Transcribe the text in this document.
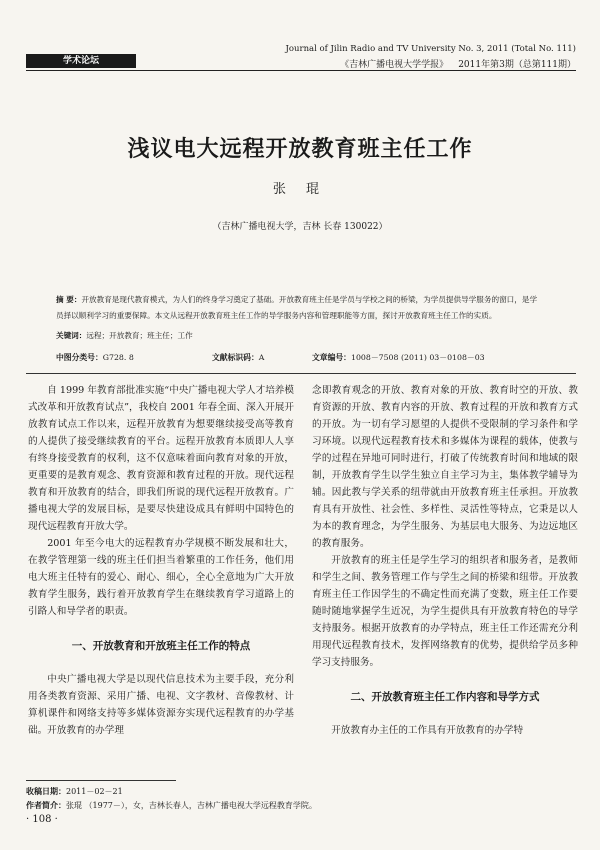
学术论坛
Journal of Jilin Radio and TV University No. 3, 2011 (Total No. 111)
《吉林广播电视大学学报》 2011年第3期（总第111期）
浅议电大远程开放教育班主任工作
张 琨
（吉林广播电视大学，吉林 长春 130022）
摘 要：开放教育是现代教育模式，为人们的终身学习奠定了基础。开放教育班主任是学员与学校之间的桥梁，为学员提供导学服务的窗口，是学员择以顺利学习的重要保障。本文从远程开放教育班主任工作的导学服务内容和管理职能等方面，探讨开放教育班主任工作的实质。
关键词：远程；开放教育；班主任；工作
中图分类号：G728. 8	文献标识码：A	文章编号：1008－7508 (2011) 03－0108－03

自 1999 年教育部批准实施“中央广播电视大学人才培养模式改革和开放教育试点”，我校自 2001 年春全面、深入开展开放教育试点工作以来，远程开放教育为想要继续接受高等教育的人提供了接受继续教育的平台。远程开放教育本质即人人享有终身接受教育的权利，这不仅意味着面向教育对象的开放，更重要的是教育观念、教育资源和教育过程的开放。现代远程教育和开放教育的结合，即我们所说的现代远程开放教育。广播电视大学的发展目标，是要尽快建设成具有鲜明中国特色的现代远程教育开放大学。

2001 年至今电大的远程教育办学规模不断发展和壮大，在教学管理第一线的班主任们担当着繁重的工作任务，他们用电大班主任特有的爱心、耐心、细心，全心全意地为广大开放教育学生服务，践行着开放教育学生在继续教育学习道路上的引路人和导学者的职责。

一、开放教育和开放班主任工作的特点

中央广播电视大学是以现代信息技术为主要手段，充分利用各类教育资源、采用广播、电视、文字教材、音像教材、计算机课件和网络支持等多媒体资源夯实现代远程教育的办学基础。开放教育的办学理

念即教育观念的开放、教育对象的开放、教育时空的开放、教育资源的开放、教育内容的开放、教育过程的开放和教育方式的开放。为一切有学习愿望的人提供不受限制的学习条件和学习环境。以现代远程教育技术和多媒体为课程的载体，使教与学的过程在异地可同时进行，打破了传统教育时间和地域的限制，开放教育学生以学生独立自主学习为主，集体教学辅导为辅。因此教与学关系的纽带就由开放教育班主任承担。开放教育具有开放性、社会性、多样性、灵活性等特点，它秉是以人为本的教育理念，为学生服务、为基层电大服务、为边远地区的教育服务。

开放教育的班主任是学生学习的组织者和服务者，是教师和学生之间、教务管理工作与学生之间的桥梁和纽带。开放教育班主任工作因学生的不确定性而充满了变数，班主任工作要随时随地掌握学生近况，为学生提供具有开放教育特色的导学支持服务。根据开放教育的办学特点，班主任工作还需充分利用现代远程教育技术，发挥网络教育的优势，提供给学员多种学习支持服务。

二、开放教育班主任工作内容和导学方式

开放教育办主任的工作具有开放教育的办学特

收稿日期：2011－02－21
作者简介：张琨 （1977－），女，吉林长春人，吉林广播电视大学远程教育学院。
· 108 ·
